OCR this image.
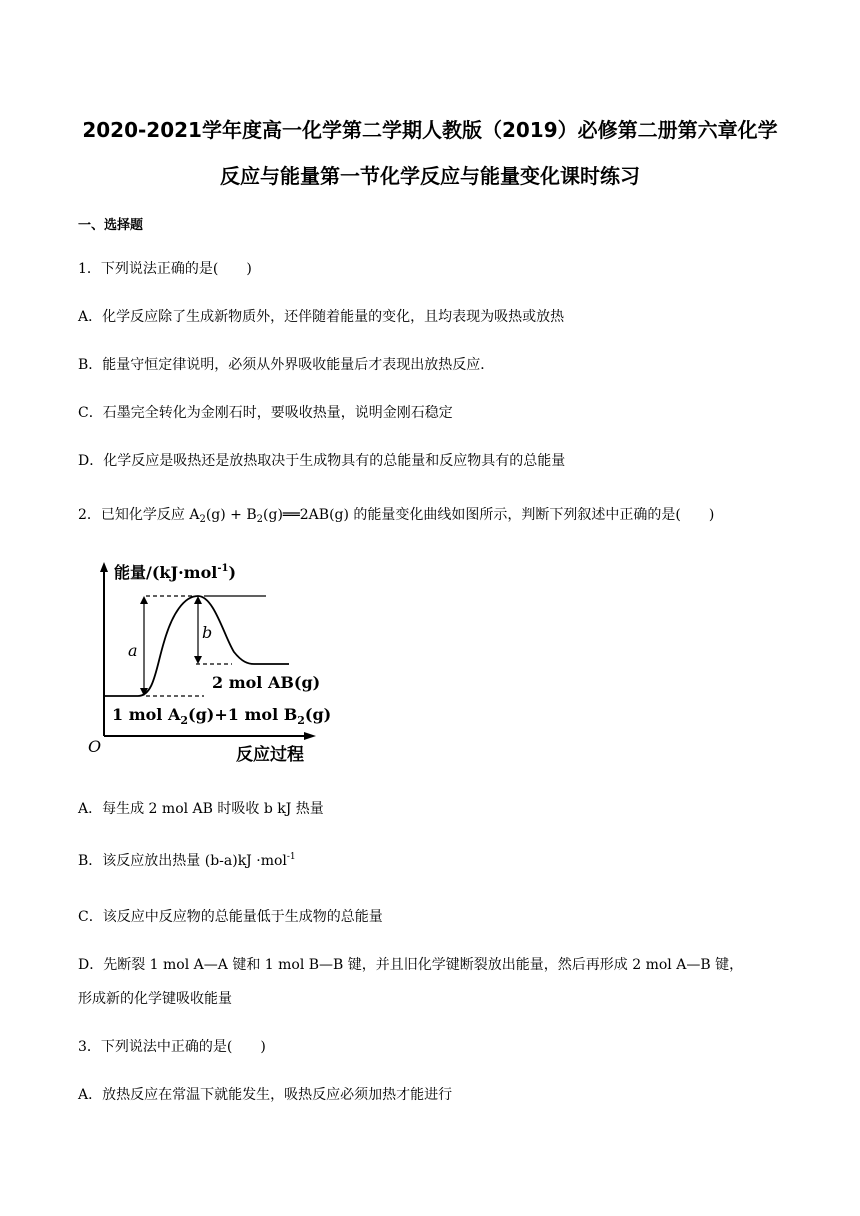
2020-2021学年度高一化学第二学期人教版（2019）必修第二册第六章化学
反应与能量第一节化学反应与能量变化课时练习
一、选择题
1．下列说法正确的是(　　)
A．化学反应除了生成新物质外，还伴随着能量的变化，且均表现为吸热或放热
B．能量守恒定律说明，必须从外界吸收能量后才表现出放热反应．
C．石墨完全转化为金刚石时，要吸收热量，说明金刚石稳定
D．化学反应是吸热还是放热取决于生成物具有的总能量和反应物具有的总能量
2．已知化学反应 $A_2(g)$ + $B_2(g)══2AB(g)$ 的能量变化曲线如图所示，判断下列叙述中正确的是(　　)
a
b
能量/(kJ·mol$^{-1}$)
2 mol AB(g)
1 mol $A_2(g)+1$ mol $B_2(g)$
O	反应过程
A．每生成 2 mol AB 时吸收 b kJ 热量
B．该反应放出热量 (b-a)kJ ·mol$^{-1}$
C．该反应中反应物的总能量低于生成物的总能量
D．先断裂 1 mol A—A 键和 1 mol B—B 键，并且旧化学键断裂放出能量，然后再形成 2 mol A—B 键，
形成新的化学键吸收能量
3．下列说法中正确的是(　　)
A．放热反应在常温下就能发生，吸热反应必须加热才能进行
